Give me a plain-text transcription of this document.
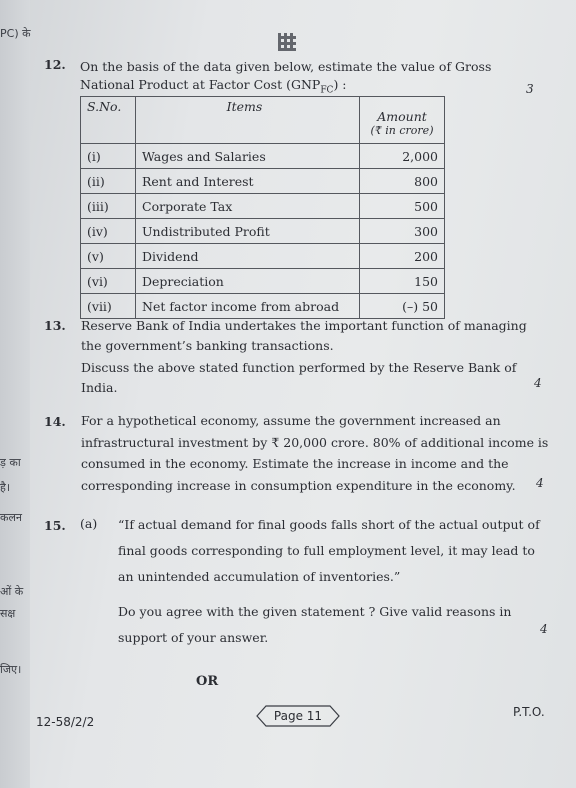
PC) के
ड़ का
है।
कलन
ओं के
सक्ष
जिए।
12. On the basis of the data given below, estimate the value of Gross
National Product at Factor Cost $(GNP_{FC})$ :	3
S.No.	Items	Amount
(₹ in crore)

(i)	Wages and Salaries	2,000
(ii)	Rent and Interest	800
(iii)	Corporate Tax	500
(iv)	Undistributed Profit	300
(v)	Dividend	200
(vi)	Depreciation	150
(vii)	Net factor income from abroad	(–) 50
13. Reserve Bank of India undertakes the important function of managing
the government’s banking transactions.
Discuss the above stated function performed by the Reserve Bank of
India.	4
14. For a hypothetical economy, assume the government increased an
infrastructural investment by ₹ 20,000 crore. 80% of additional income is
consumed in the economy. Estimate the increase in income and the
corresponding increase in consumption expenditure in the economy.	4
15. (a) “If actual demand for final goods falls short of the actual output of
final goods corresponding to full employment level, it may lead to
an unintended accumulation of inventories.”
Do you agree with the given statement ? Give valid reasons in
support of your answer.
4
OR
12-58/2/2	Page 11	P.T.O.
